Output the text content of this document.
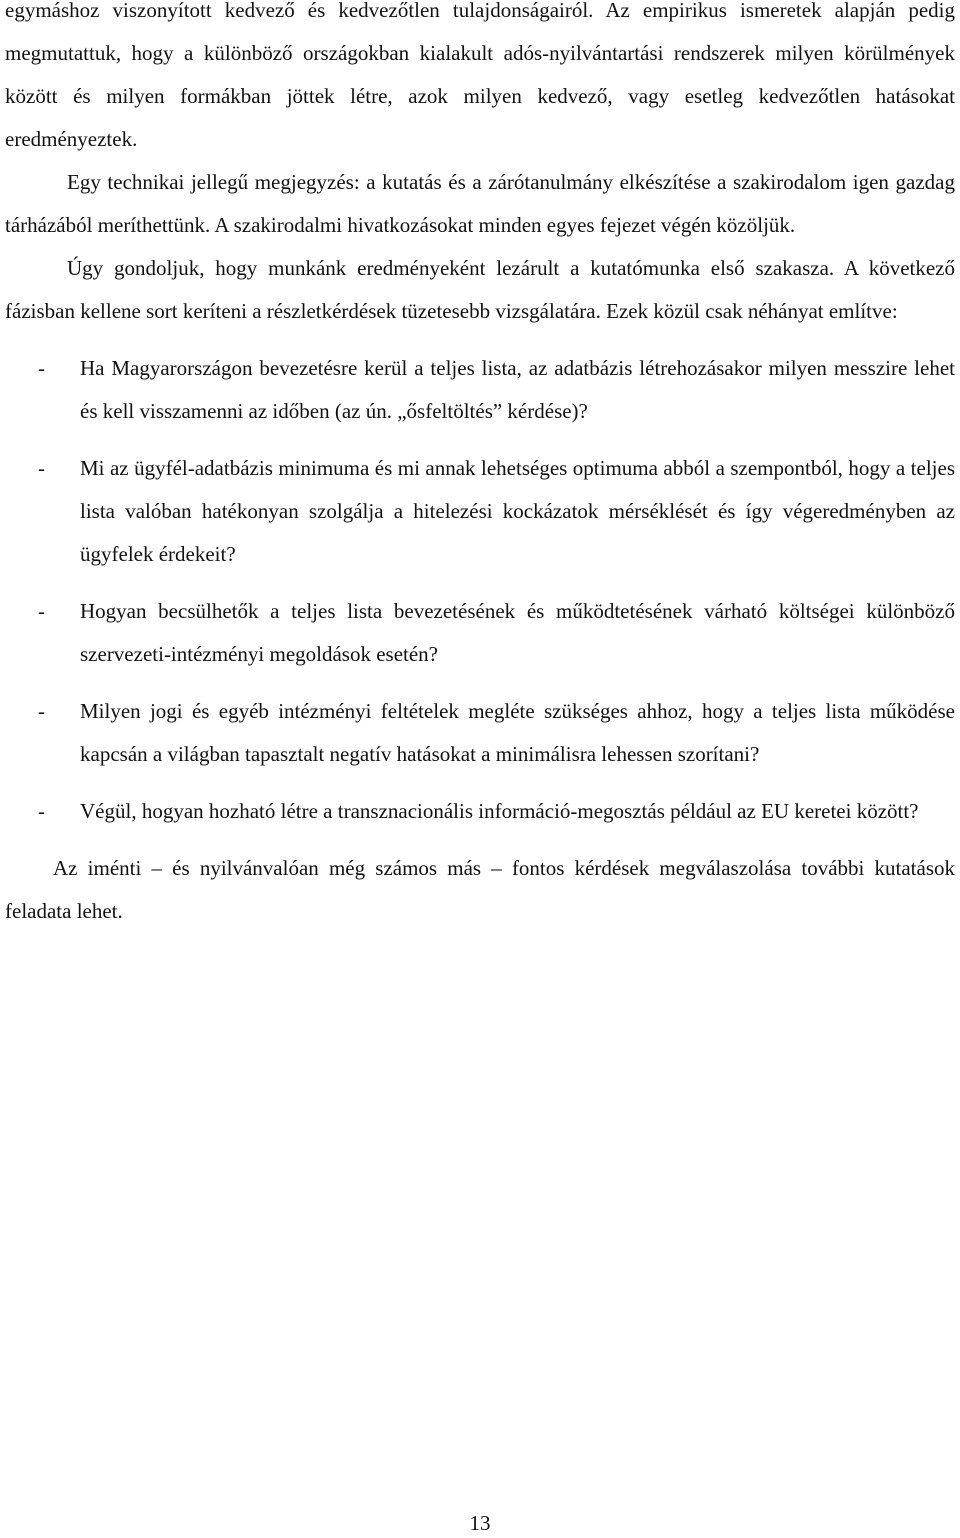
egymáshoz viszonyított kedvező és kedvezőtlen tulajdonságairól. Az empirikus ismeretek alapján pedig megmutattuk, hogy a különböző országokban kialakult adós-nyilvántartási rendszerek milyen körülmények között és milyen formákban jöttek létre, azok milyen kedvező, vagy esetleg kedvezőtlen hatásokat eredményeztek.

Egy technikai jellegű megjegyzés: a kutatás és a zárótanulmány elkészítése a szakirodalom igen gazdag tárházából meríthettünk. A szakirodalmi hivatkozásokat minden egyes fejezet végén közöljük.

Úgy gondoljuk, hogy munkánk eredményeként lezárult a kutatómunka első szakasza. A következő fázisban kellene sort keríteni a részletkérdések tüzetesebb vizsgálatára. Ezek közül csak néhányat említve:

- Ha Magyarországon bevezetésre kerül a teljes lista, az adatbázis létrehozásakor milyen messzire lehet és kell visszamenni az időben (az ún. „ősfeltöltés” kérdése)?
- Mi az ügyfél-adatbázis minimuma és mi annak lehetséges optimuma abból a szempontból, hogy a teljes lista valóban hatékonyan szolgálja a hitelezési kockázatok mérséklését és így végeredményben az ügyfelek érdekeit?
- Hogyan becsülhetők a teljes lista bevezetésének és működtetésének várható költségei különböző szervezeti-intézményi megoldások esetén?
- Milyen jogi és egyéb intézményi feltételek megléte szükséges ahhoz, hogy a teljes lista működése kapcsán a világban tapasztalt negatív hatásokat a minimálisra lehessen szorítani?
- Végül, hogyan hozható létre a transznacionális információ-megosztás például az EU keretei között?

Az iménti – és nyilvánvalóan még számos más – fontos kérdések megválaszolása további kutatások feladata lehet.

13
